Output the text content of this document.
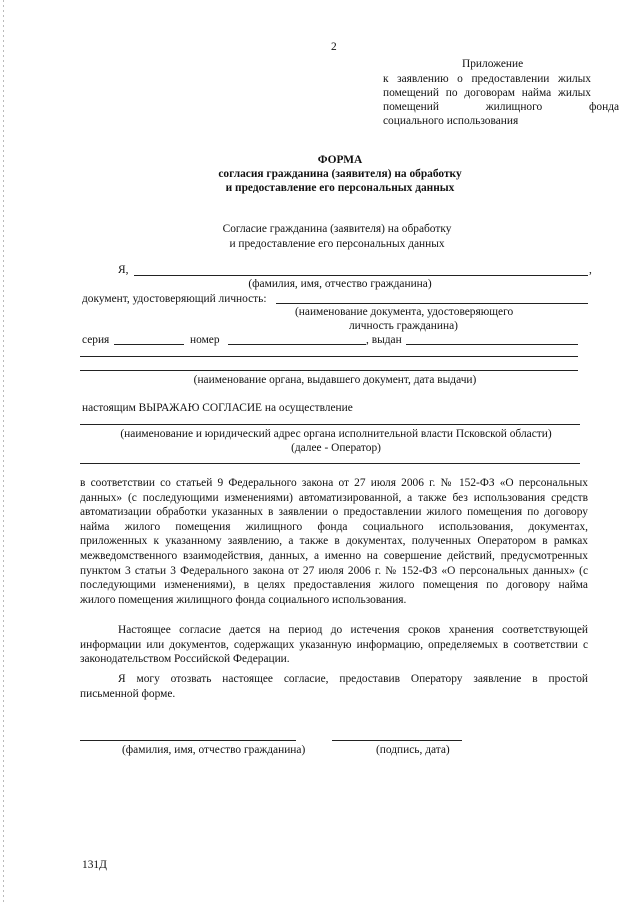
2
Приложение
к заявлению о предоставлении жилых
помещений по договорам найма жилых
помещений жилищного фонда
социального использования
ФОРМА
согласия гражданина (заявителя) на обработку
и предоставление его персональных данных
Согласие гражданина (заявителя) на обработку
и предоставление его персональных данных
Я,	,
(фамилия, имя, отчество гражданина)
документ, удостоверяющий личность:
(наименование документа, удостоверяющего
личность гражданина)
серия	номер	, выдан
(наименование органа, выдавшего документ, дата выдачи)
настоящим ВЫРАЖАЮ СОГЛАСИЕ на осуществление
(наименование и юридический адрес органа исполнительной власти Псковской области)
(далее - Оператор)
в соответствии со статьей 9 Федерального закона от 27 июля 2006 г. № 152-ФЗ «О персональных
данных» (с последующими изменениями) автоматизированной, а также без использования средств
автоматизации обработки указанных в заявлении о предоставлении жилого помещения по договору
найма жилого помещения жилищного фонда социального использования, документах,
приложенных к указанному заявлению, а также в документах, полученных Оператором в рамках
межведомственного взаимодействия, данных, а именно на совершение действий, предусмотренных
пунктом 3 статьи 3 Федерального закона от 27 июля 2006 г. № 152-ФЗ «О персональных данных» (с
последующими изменениями), в целях предоставления жилого помещения по договору найма
жилого помещения жилищного фонда социального использования.
Настоящее согласие дается на период до истечения сроков хранения соответствующей
информации или документов, содержащих указанную информацию, определяемых в соответствии с
законодательством Российской Федерации.
Я могу отозвать настоящее согласие, предоставив Оператору заявление в простой
письменной форме.
(фамилия, имя, отчество гражданина)	(подпись, дата)
131Д
